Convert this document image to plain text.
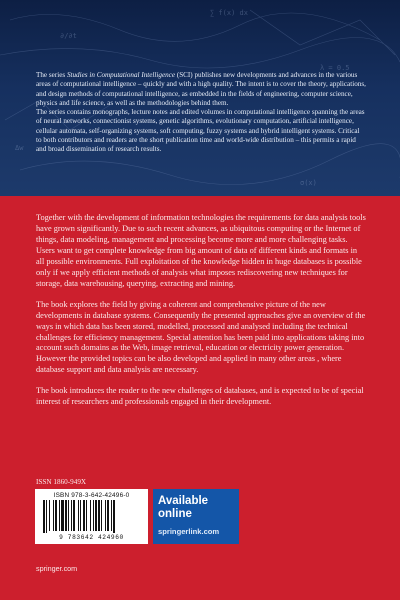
∑ f(x) dx
∂/∂t
λ = 0.5
Δw
σ(x)

The series Studies in Computational Intelligence (SCI) publishes new developments and advances in the various areas of computational intelligence – quickly and with a high quality. The intent is to cover the theory, applications, and design methods of computational intelligence, as embedded in the fields of engineering, computer science, physics and life science, as well as the methodologies behind them.

The series contains monographs, lecture notes and edited volumes in computational intelligence spanning the areas of neural networks, connectionist systems, genetic algorithms, evolutionary computation, artificial intelligence, cellular automata, self-organizing systems, soft computing, fuzzy systems and hybrid intelligent systems. Critical to both contributors and readers are the short publication time and world-wide distribution – this permits a rapid and broad dissemination of research results.

Together with the development of information technologies the requirements for data analysis tools have grown significantly. Due to such recent advances, as ubiquitous computing or the Internet of things, data modeling, management and processing become more and more challenging tasks. Users want to get complete knowledge from big amount of data of different kinds and formats in all possible environments. Full exploitation of the knowledge hidden in huge databases is possible only if we apply efficient methods of analysis what imposes rediscovering new techniques for storage, data warehousing, querying, extracting and mining.

The book explores the field by giving a coherent and comprehensive picture of the new developments in database systems. Consequently the presented approaches give an overview of the ways in which data has been stored, modelled, processed and analysed including the technical challenges for efficiency management. Special attention has been paid into applications taking into account such domains as the Web, image retrieval, education or electricity power generation. However the provided topics can be also developed and applied in many other areas , where database support and data analysis are necessary.

The book introduces the reader to the new challenges of databases, and is expected to be of special interest of researchers and professionals engaged in their development.

ISSN 1860-949X
ISBN 978-3-642-42496-0
9 783642 424960
Available
online
springerlink.com
springer.com
